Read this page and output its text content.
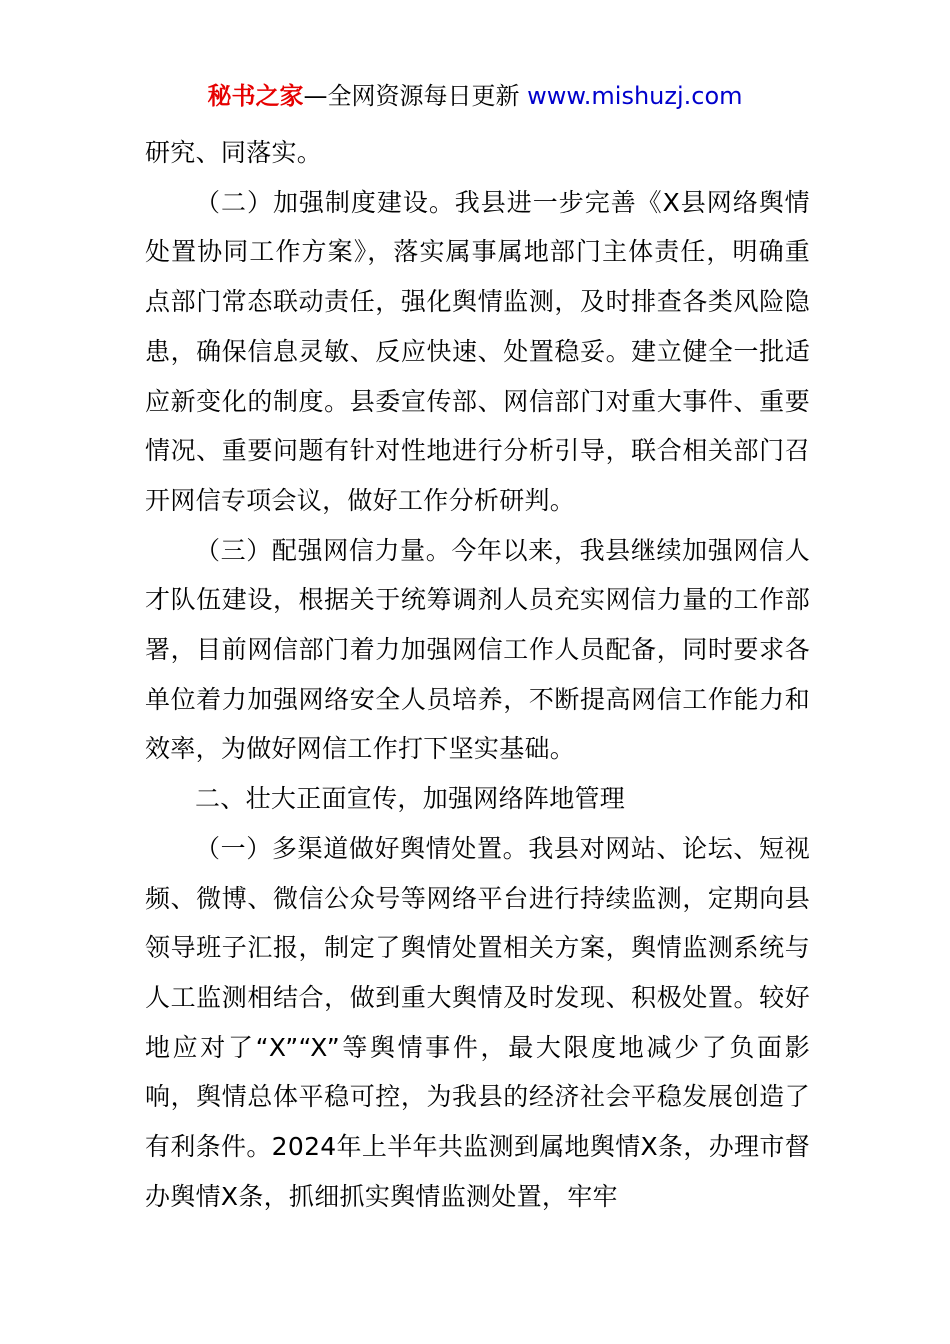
秘书之家—全网资源每日更新 www.mishuzj.com

研究、同落实。

（二）加强制度建设。我县进一步完善《X县网络舆情处置协同工作方案》，落实属事属地部门主体责任，明确重点部门常态联动责任，强化舆情监测，及时排查各类风险隐患，确保信息灵敏、反应快速、处置稳妥。建立健全一批适应新变化的制度。县委宣传部、网信部门对重大事件、重要情况、重要问题有针对性地进行分析引导，联合相关部门召开网信专项会议，做好工作分析研判。

（三）配强网信力量。今年以来，我县继续加强网信人才队伍建设，根据关于统筹调剂人员充实网信力量的工作部署，目前网信部门着力加强网信工作人员配备，同时要求各单位着力加强网络安全人员培养，不断提高网信工作能力和效率，为做好网信工作打下坚实基础。

二、壮大正面宣传，加强网络阵地管理

（一）多渠道做好舆情处置。我县对网站、论坛、短视频、微博、微信公众号等网络平台进行持续监测，定期向县领导班子汇报，制定了舆情处置相关方案，舆情监测系统与人工监测相结合，做到重大舆情及时发现、积极处置。较好地应对了“X”“X”等舆情事件，最大限度地减少了负面影响，舆情总体平稳可控，为我县的经济社会平稳发展创造了有利条件。2024年上半年共监测到属地舆情X条，办理市督办舆情X条，抓细抓实舆情监测处置，牢牢
